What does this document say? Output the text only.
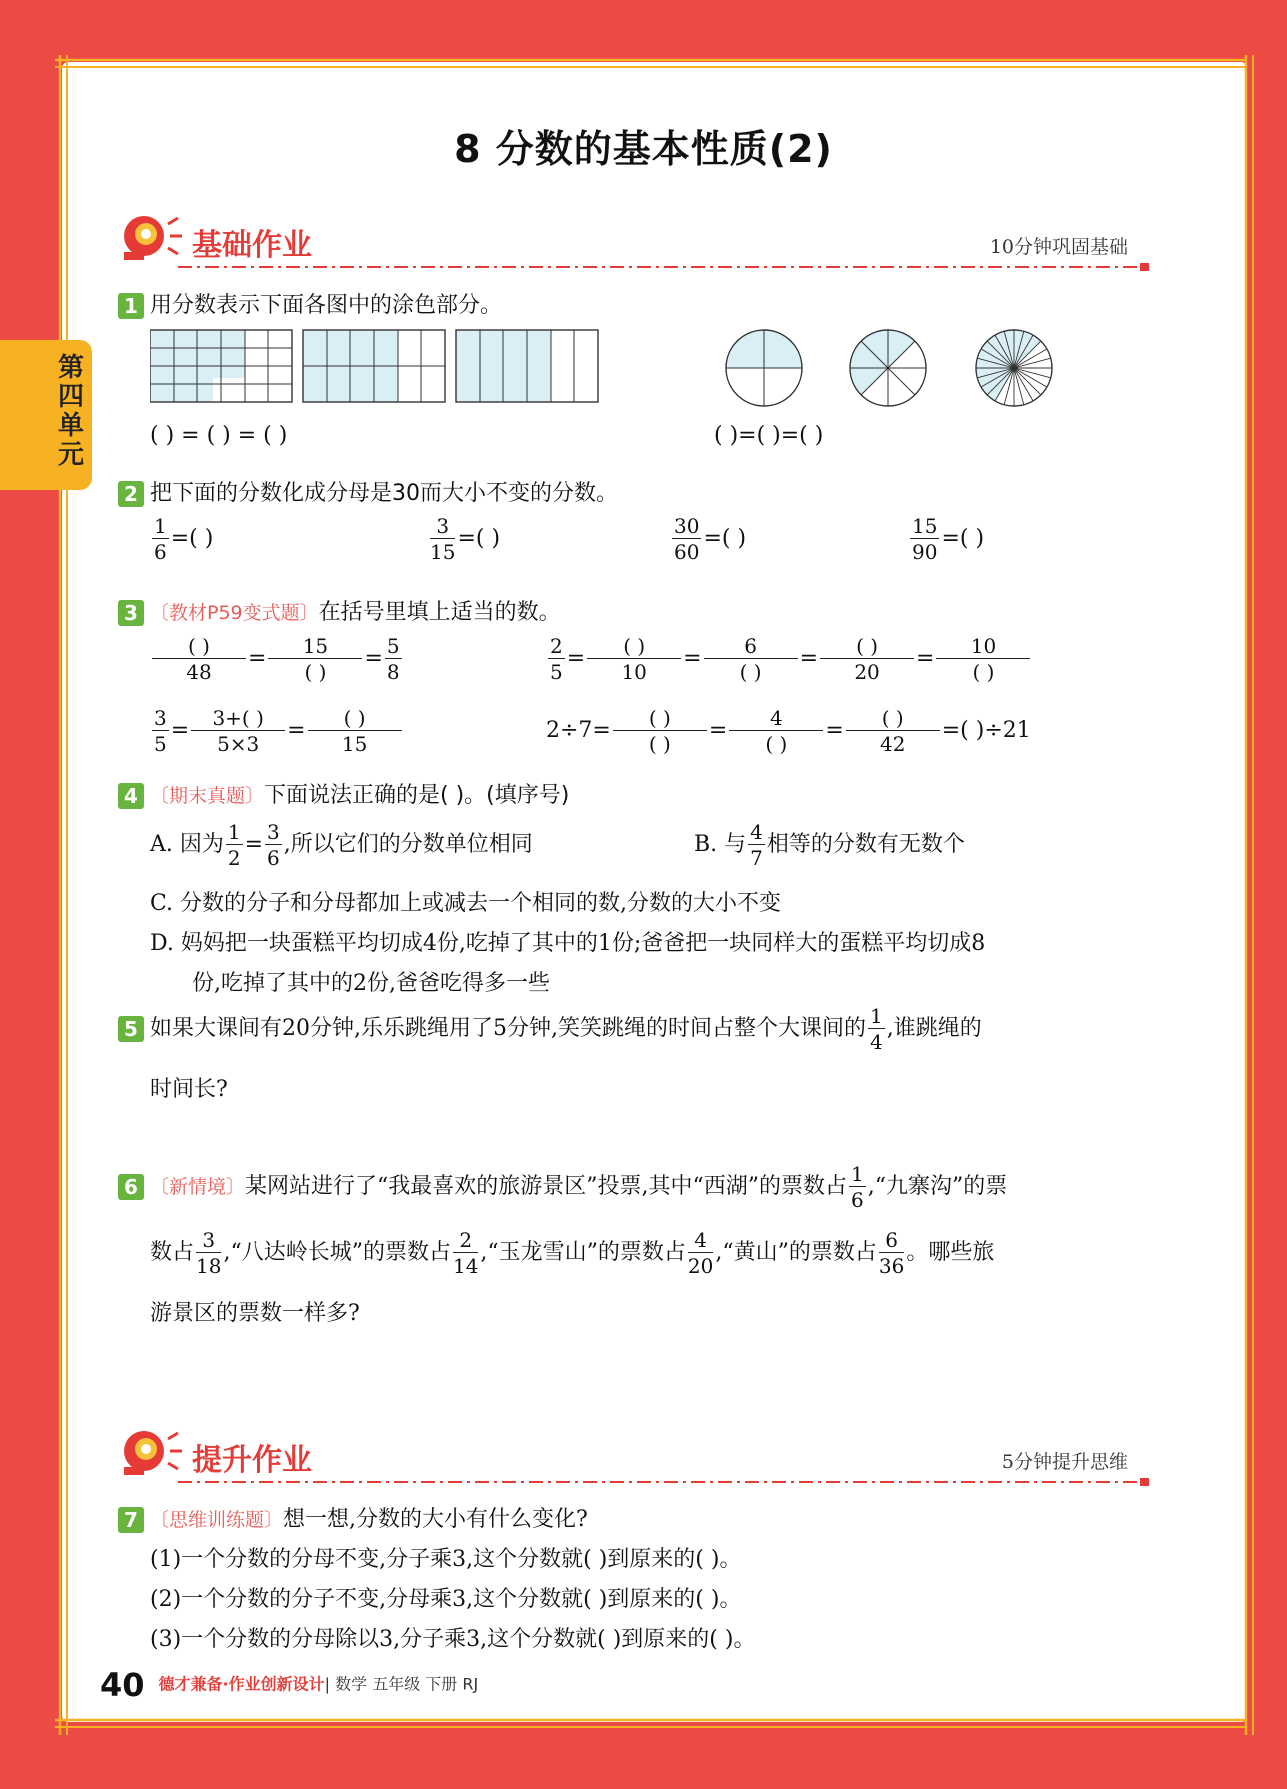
第四单元
8 分数的基本性质(2)
基础作业	10分钟巩固基础
1 用分数表示下面各图中的涂色部分。
( ) = ( ) = ( )	( )=( )=( )
2 把下面的分数化成分母是30而大小不变的分数。
$\frac{1}{6}$ =( )	$\frac{3}{15}$ =( )	$\frac{30}{60}$ =( )	$\frac{15}{90}$ =( )
3 〔教材P59变式题〕在括号里填上适当的数。
( )
48
=	15
( )
= $\frac{5}{8}$	$\frac{2}{5}$ =	( )
10
=	6
( )
=	( )
20
=	10
( )
$\frac{3}{5} = \frac{3+( )}{5\times 3}$ =	( )
15
2÷7=	( )
( )
=	4
( )
=	( )
42
=( )÷21
4 〔期末真题〕下面说法正确的是( )。(填序号)
A. 因为 $\frac{1}{2} = \frac{3}{6}$ ,所以它们的分数单位相同	B. 与 $\frac{4}{7}$ 相等的分数有无数个
C. 分数的分子和分母都加上或减去一个相同的数,分数的大小不变
D. 妈妈把一块蛋糕平均切成4份,吃掉了其中的1份;爸爸把一块同样大的蛋糕平均切成8
份,吃掉了其中的2份,爸爸吃得多一些
5 如果大课间有20分钟,乐乐跳绳用了5分钟,笑笑跳绳的时间占整个大课间的 $\frac{1}{4}$ ,谁跳绳的
时间长?
6 〔新情境〕某网站进行了“我最喜欢的旅游景区”投票,其中“西湖”的票数占 $\frac{1}{6}$ ,“九寨沟”的票
数占 $\frac{3}{18}$ ,“八达岭长城”的票数占 $\frac{2}{14}$ ,“玉龙雪山”的票数占 $\frac{4}{20}$ ,“黄山”的票数占 $\frac{6}{36}$ 。哪些旅
游景区的票数一样多?
提升作业	5分钟提升思维
7 〔思维训练题〕想一想,分数的大小有什么变化?
(1)一个分数的分母不变,分子乘3,这个分数就( )到原来的( )。
(2)一个分数的分子不变,分母乘3,这个分数就( )到原来的( )。
(3)一个分数的分母除以3,分子乘3,这个分数就( )到原来的( )。
40 德才兼备·作业创新设计| 数学 五年级 下册 RJ
